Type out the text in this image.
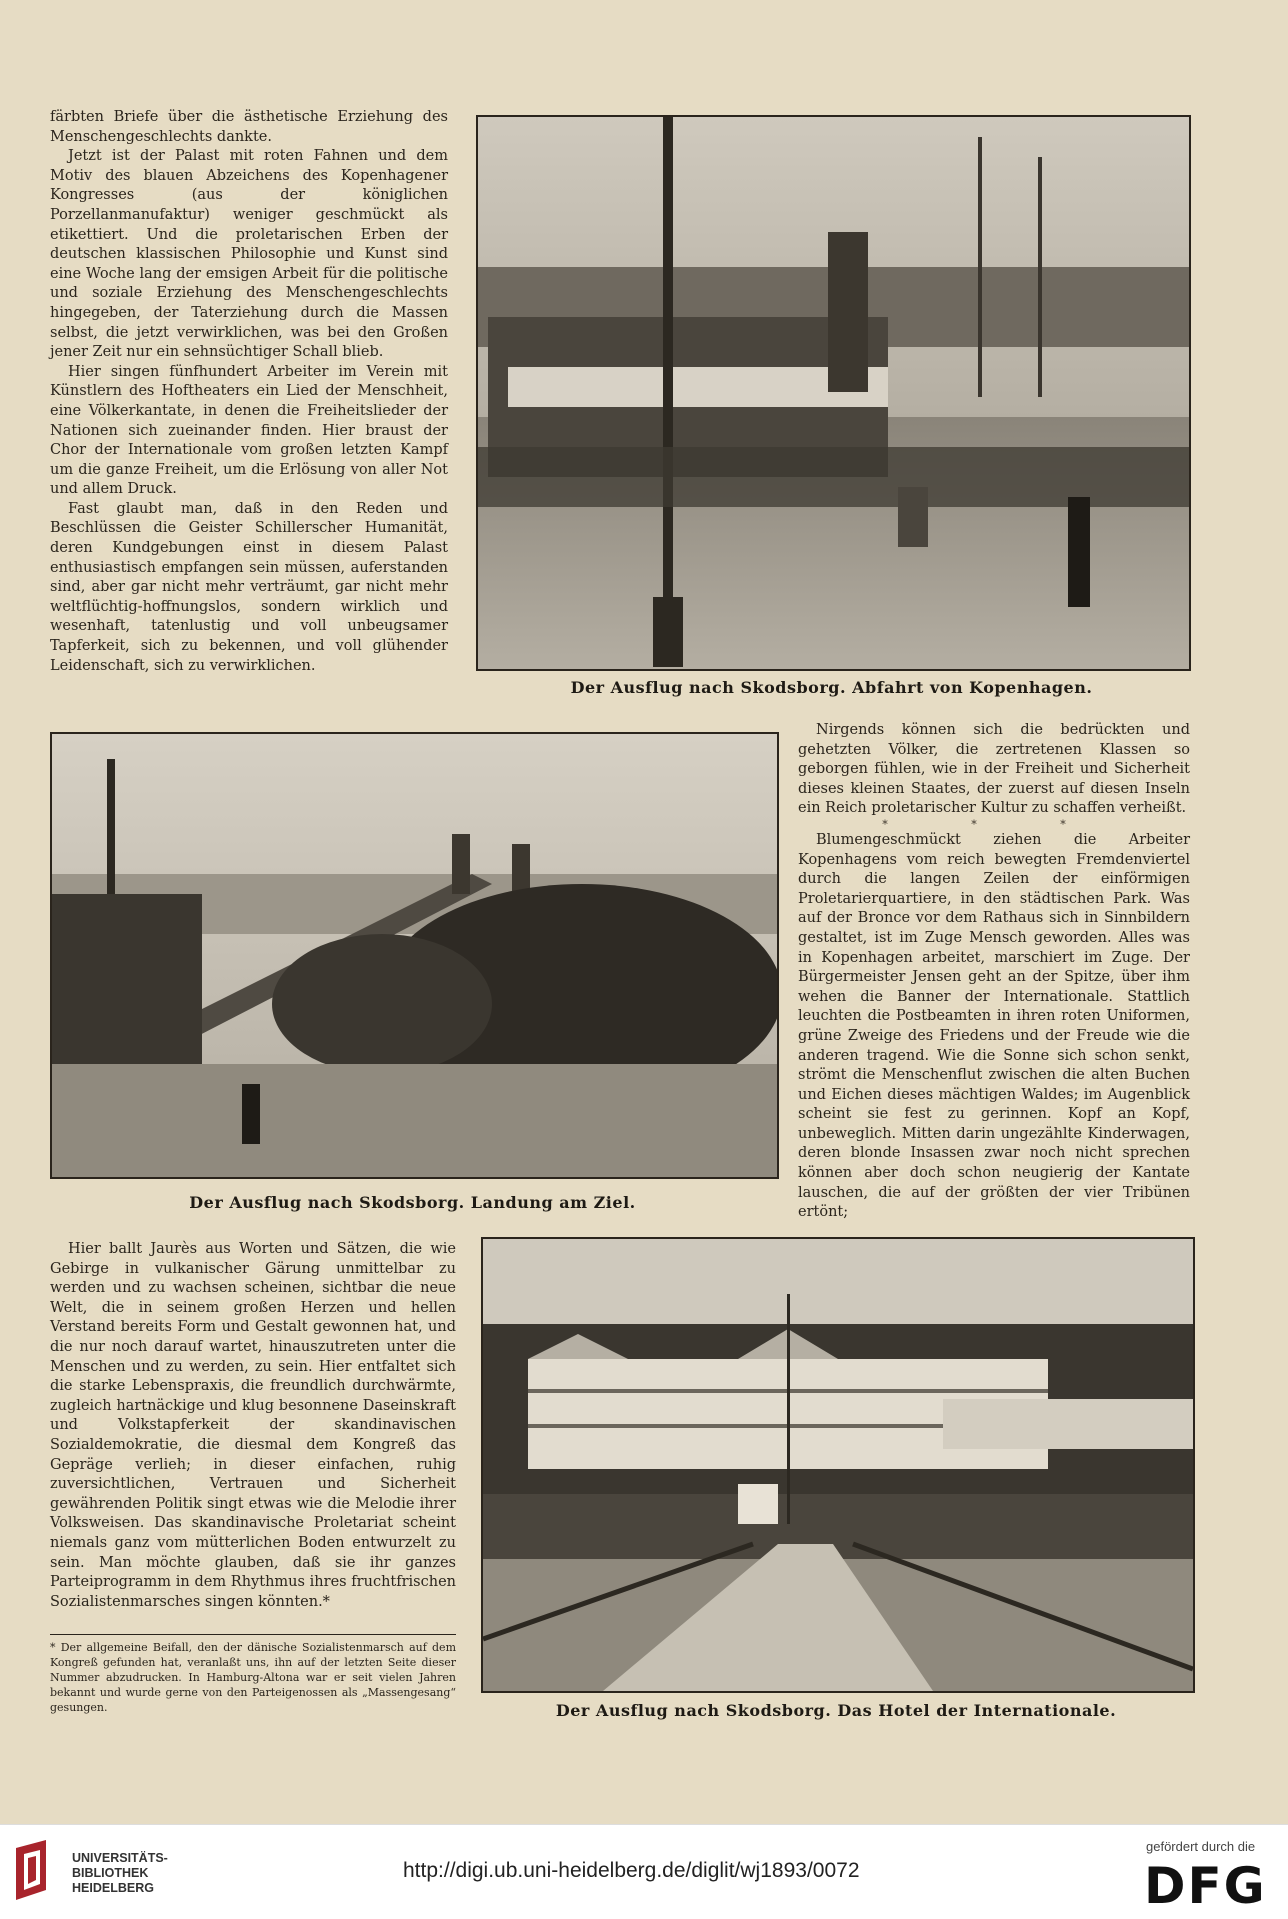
färbten Briefe über die ästhetische Erziehung des Menschengeschlechts dankte.

Jetzt ist der Palast mit roten Fahnen und dem Motiv des blauen Abzeichens des Kopenhagener Kongresses (aus der königlichen Porzellanmanufaktur) weniger geschmückt als etikettiert. Und die proletarischen Erben der deutschen klassischen Philosophie und Kunst sind eine Woche lang der emsigen Arbeit für die politische und soziale Erziehung des Menschengeschlechts hingegeben, der Taterziehung durch die Massen selbst, die jetzt verwirklichen, was bei den Großen jener Zeit nur ein sehnsüchtiger Schall blieb.

Hier singen fünfhundert Arbeiter im Verein mit Künstlern des Hoftheaters ein Lied der Menschheit, eine Völkerkantate, in denen die Freiheitslieder der Nationen sich zueinander finden. Hier braust der Chor der Internationale vom großen letzten Kampf um die ganze Freiheit, um die Erlösung von aller Not und allem Druck.

Fast glaubt man, daß in den Reden und Beschlüssen die Geister Schillerscher Humanität, deren Kundgebungen einst in diesem Palast enthusiastisch empfangen sein müssen, auferstanden sind, aber gar nicht mehr verträumt, gar nicht mehr weltflüchtig-hoffnungslos, sondern wirklich und wesenhaft, tatenlustig und voll unbeugsamer Tapferkeit, sich zu bekennen, und voll glühender Leidenschaft, sich zu verwirklichen.

Der Ausflug nach Skodsborg. Abfahrt von Kopenhagen.
Der Ausflug nach Skodsborg. Landung am Ziel.

Nirgends können sich die bedrückten und gehetzten Völker, die zertretenen Klassen so geborgen fühlen, wie in der Freiheit und Sicherheit dieses kleinen Staates, der zuerst auf diesen Inseln ein Reich proletarischer Kultur zu schaffen verheißt.

* * *

Blumengeschmückt ziehen die Arbeiter Kopenhagens vom reich bewegten Fremdenviertel durch die langen Zeilen der einförmigen Proletarierquartiere, in den städtischen Park. Was auf der Bronce vor dem Rathaus sich in Sinnbildern gestaltet, ist im Zuge Mensch geworden. Alles was in Kopenhagen arbeitet, marschiert im Zuge. Der Bürgermeister Jensen geht an der Spitze, über ihm wehen die Banner der Internationale. Stattlich leuchten die Postbeamten in ihren roten Uniformen, grüne Zweige des Friedens und der Freude wie die anderen tragend. Wie die Sonne sich schon senkt, strömt die Menschenflut zwischen die alten Buchen und Eichen dieses mächtigen Waldes; im Augenblick scheint sie fest zu gerinnen. Kopf an Kopf, unbeweglich. Mitten darin ungezählte Kinderwagen, deren blonde Insassen zwar noch nicht sprechen können aber doch schon neugierig der Kantate lauschen, die auf der größten der vier Tribünen ertönt;

Hier ballt Jaurès aus Worten und Sätzen, die wie Gebirge in vulkanischer Gärung unmittelbar zu werden und zu wachsen scheinen, sichtbar die neue Welt, die in seinem großen Herzen und hellen Verstand bereits Form und Gestalt gewonnen hat, und die nur noch darauf wartet, hinauszutreten unter die Menschen und zu werden, zu sein. Hier entfaltet sich die starke Lebenspraxis, die freundlich durchwärmte, zugleich hartnäckige und klug besonnene Daseinskraft und Volkstapferkeit der skandinavischen Sozialdemokratie, die diesmal dem Kongreß das Gepräge verlieh; in dieser einfachen, ruhig zuversichtlichen, Vertrauen und Sicherheit gewährenden Politik singt etwas wie die Melodie ihrer Volksweisen. Das skandinavische Proletariat scheint niemals ganz vom mütterlichen Boden entwurzelt zu sein. Man möchte glauben, daß sie ihr ganzes Parteiprogramm in dem Rhythmus ihres fruchtfrischen Sozialistenmarsches singen könnten.*

* Der allgemeine Beifall, den der dänische Sozialistenmarsch auf dem Kongreß gefunden hat, veranlaßt uns, ihn auf der letzten Seite dieser Nummer abzudrucken. In Hamburg-Altona war er seit vielen Jahren bekannt und wurde gerne von den Parteigenossen als „Massengesang“ gesungen.	Der Ausflug nach Skodsborg. Das Hotel der Internationale.
UNIVERSITÄTS-
BIBLIOTHEK
HEIDELBERG
http://digi.ub.uni-heidelberg.de/diglit/wj1893/0072
gefördert durch die
DFG
